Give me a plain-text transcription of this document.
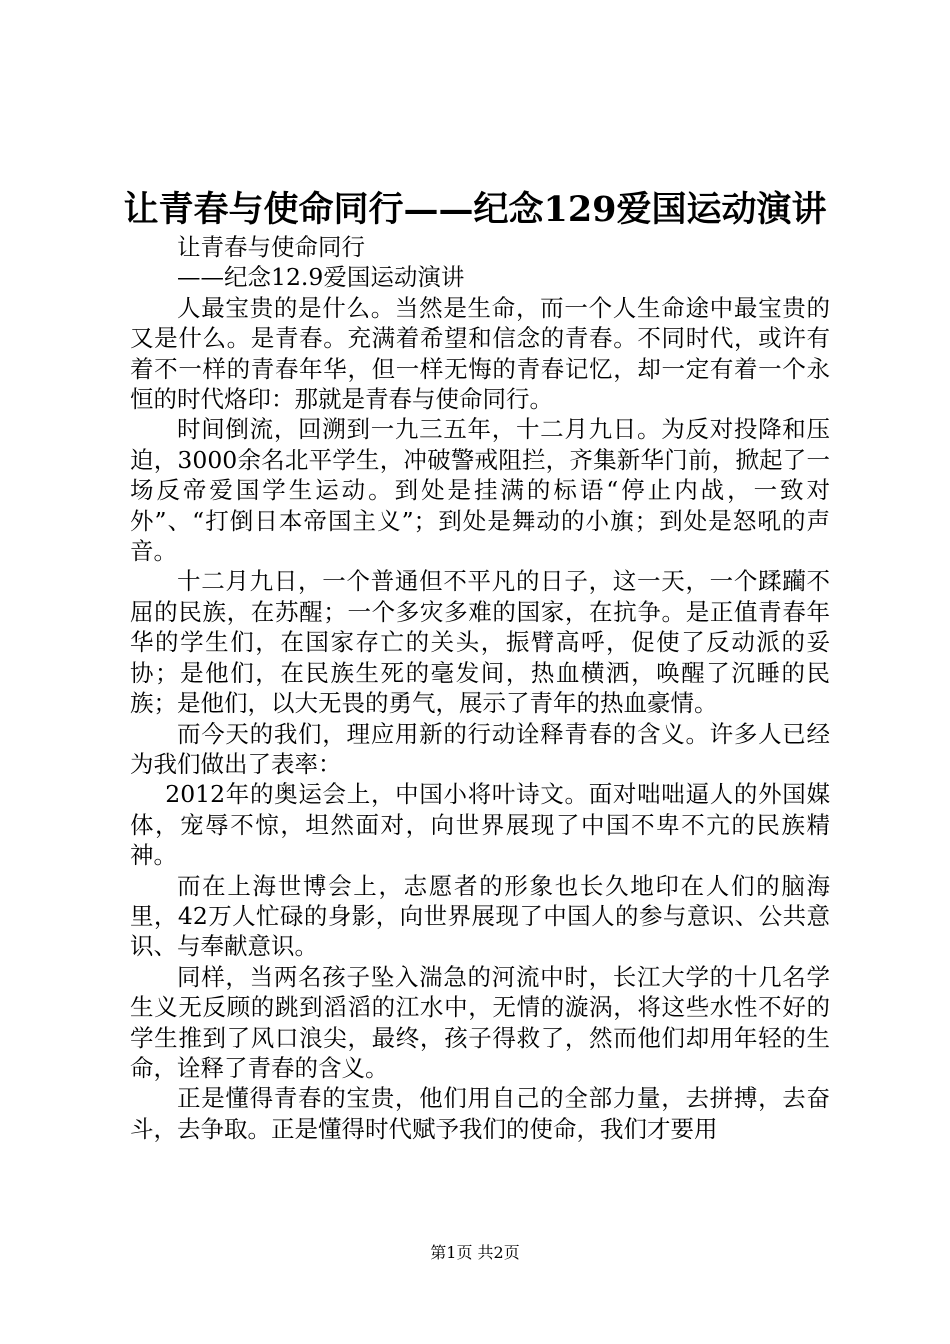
让青春与使命同行——纪念129爱国运动演讲

让青春与使命同行

——纪念12.9爱国运动演讲

人最宝贵的是什么。当然是生命，而一个人生命途中最宝贵的又是什么。是青春。充满着希望和信念的青春。不同时代，或许有着不一样的青春年华，但一样无悔的青春记忆，却一定有着一个永恒的时代烙印：那就是青春与使命同行。

时间倒流，回溯到一九三五年，十二月九日。为反对投降和压迫，3000余名北平学生，冲破警戒阻拦，齐集新华门前，掀起了一场反帝爱国学生运动。到处是挂满的标语“停止内战，一致对外”、“打倒日本帝国主义”；到处是舞动的小旗；到处是怒吼的声音。

十二月九日，一个普通但不平凡的日子，这一天，一个蹂躏不屈的民族，在苏醒；一个多灾多难的国家，在抗争。是正值青春年华的学生们，在国家存亡的关头，振臂高呼，促使了反动派的妥协；是他们，在民族生死的毫发间，热血横洒，唤醒了沉睡的民族；是他们，以大无畏的勇气，展示了青年的热血豪情。

而今天的我们，理应用新的行动诠释青春的含义。许多人已经为我们做出了表率：

2012年的奥运会上，中国小将叶诗文。面对咄咄逼人的外国媒体，宠辱不惊，坦然面对，向世界展现了中国不卑不亢的民族精神。

而在上海世博会上，志愿者的形象也长久地印在人们的脑海里，42万人忙碌的身影，向世界展现了中国人的参与意识、公共意识、与奉献意识。

同样，当两名孩子坠入湍急的河流中时，长江大学的十几名学生义无反顾的跳到滔滔的江水中，无情的漩涡，将这些水性不好的学生推到了风口浪尖，最终，孩子得救了，然而他们却用年轻的生命，诠释了青春的含义。

正是懂得青春的宝贵，他们用自己的全部力量，去拼搏，去奋斗，去争取。正是懂得时代赋予我们的使命，我们才要用

第1页 共2页
